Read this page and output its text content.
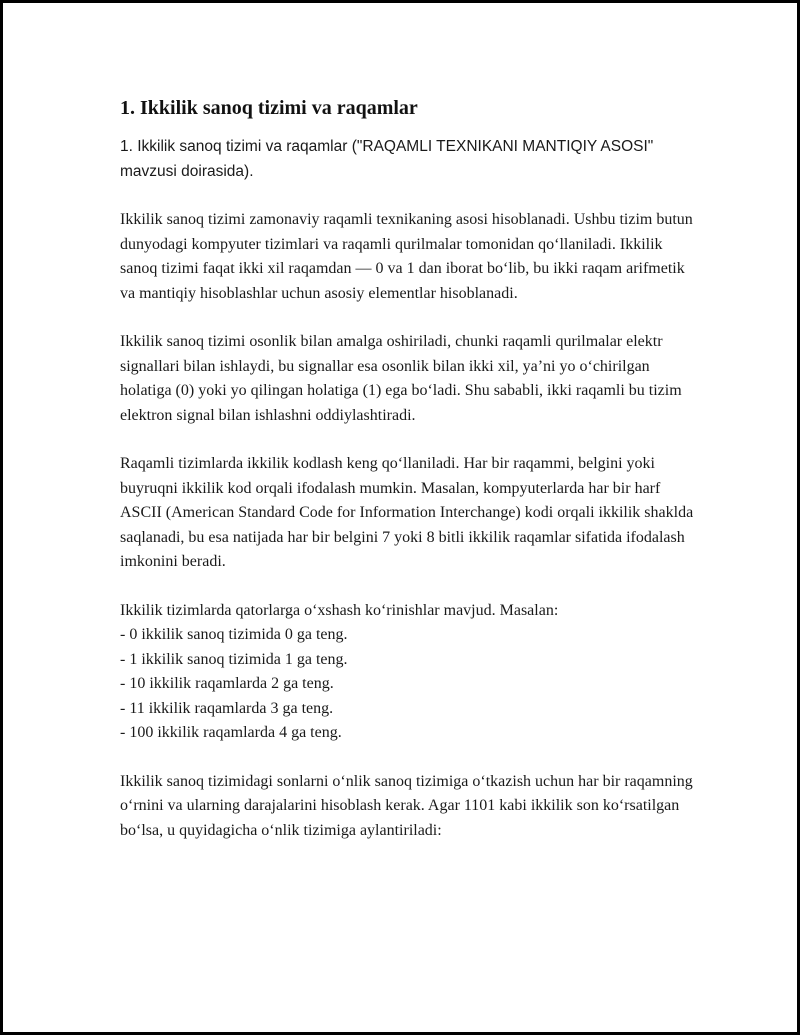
1. Ikkilik sanoq tizimi va raqamlar

1. Ikkilik sanoq tizimi va raqamlar ("RAQAMLI TEXNIKANI MANTIQIY ASOSI" mavzusi doirasida).

Ikkilik sanoq tizimi zamonaviy raqamli texnikaning asosi hisoblanadi. Ushbu tizim butun dunyodagi kompyuter tizimlari va raqamli qurilmalar tomonidan qo‘llaniladi. Ikkilik sanoq tizimi faqat ikki xil raqamdan — 0 va 1 dan iborat bo‘lib, bu ikki raqam arifmetik va mantiqiy hisoblashlar uchun asosiy elementlar hisoblanadi.

Ikkilik sanoq tizimi osonlik bilan amalga oshiriladi, chunki raqamli qurilmalar elektr signallari bilan ishlaydi, bu signallar esa osonlik bilan ikki xil, ya’ni yo o‘chirilgan holatiga (0) yoki yo qilingan holatiga (1) ega bo‘ladi. Shu sababli, ikki raqamli bu tizim elektron signal bilan ishlashni oddiylashtiradi.

Raqamli tizimlarda ikkilik kodlash keng qo‘llaniladi. Har bir raqammi, belgini yoki buyruqni ikkilik kod orqali ifodalash mumkin. Masalan, kompyuterlarda har bir harf ASCII (American Standard Code for Information Interchange) kodi orqali ikkilik shaklda saqlanadi, bu esa natijada har bir belgini 7 yoki 8 bitli ikkilik raqamlar sifatida ifodalash imkonini beradi.

Ikkilik tizimlarda qatorlarga o‘xshash ko‘rinishlar mavjud. Masalan:
- 0 ikkilik sanoq tizimida 0 ga teng.
- 1 ikkilik sanoq tizimida 1 ga teng.
- 10 ikkilik raqamlarda 2 ga teng.
- 11 ikkilik raqamlarda 3 ga teng.
- 100 ikkilik raqamlarda 4 ga teng.

Ikkilik sanoq tizimidagi sonlarni o‘nlik sanoq tizimiga o‘tkazish uchun har bir raqamning o‘rnini va ularning darajalarini hisoblash kerak. Agar 1101 kabi ikkilik son ko‘rsatilgan bo‘lsa, u quyidagicha o‘nlik tizimiga aylantiriladi:
